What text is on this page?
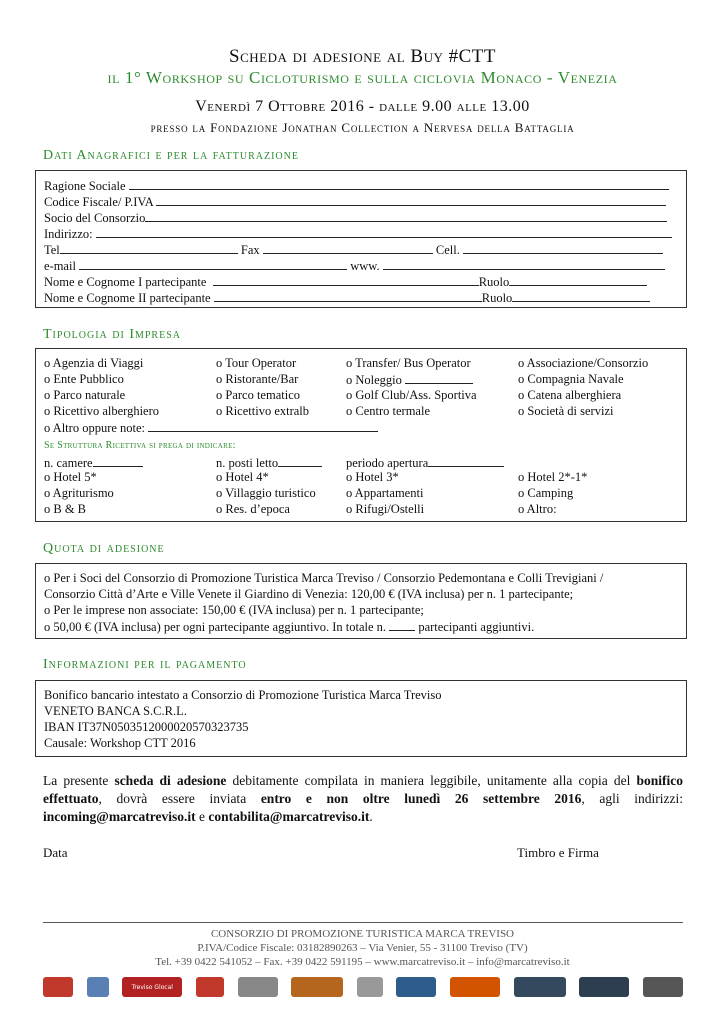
Scheda di adesione al Buy #CTT
il 1° Workshop su Cicloturismo e sulla ciclovia Monaco - Venezia
Venerdì 7 Ottobre 2016 - dalle 9.00 alle 13.00
presso la Fondazione Jonathan Collection a Nervesa della Battaglia
Dati Anagrafici e per la fatturazione
Ragione Sociale
Codice Fiscale/ P.IVA
Socio del Consorzio
Indirizzo:
Tel	Fax	Cell.
e-mail	www.
Nome e Cognome I partecipante	Ruolo
Nome e Cognome II partecipante	Ruolo
Tipologia di Impresa
o Agenzia di Viaggi	o Tour Operator	o Transfer/ Bus Operator	o Associazione/Consorzio
o Ente Pubblico	o Ristorante/Bar	o Noleggio	o Compagnia Navale
o Parco naturale	o Parco tematico	o Golf Club/Ass. Sportiva	o Catena alberghiera
o Ricettivo alberghiero	o Ricettivo extralb	o Centro termale	o Società di servizi
o Altro oppure note:
Se Struttura Ricettiva si prega di indicare:
n. camere	n. posti letto	periodo apertura
o Hotel 5*	o Hotel 4*	o Hotel 3*	o Hotel 2*-1*
o Agriturismo	o Villaggio turistico o Appartamenti	o Camping
o B & B	o Res. d’epoca	o Rifugi/Ostelli	o Altro:
Quota di adesione
o Per i Soci del Consorzio di Promozione Turistica Marca Treviso / Consorzio Pedemontana e Colli Trevigiani /
Consorzio Città d’Arte e Ville Venete il Giardino di Venezia: 120,00 € (IVA inclusa) per n. 1 partecipante;
o Per le imprese non associate: 150,00 € (IVA inclusa) per n. 1 partecipante;
o 50,00 € (IVA inclusa) per ogni partecipante aggiuntivo. In totale n.	partecipanti aggiuntivi.
Informazioni per il pagamento
Bonifico bancario intestato a Consorzio di Promozione Turistica Marca Treviso
VENETO BANCA S.C.R.L.
IBAN IT37N0503512000020570323735
Causale: Workshop CTT 2016
La presente scheda di adesione debitamente compilata in maniera leggibile, unitamente alla copia del bonifico effettuato, dovrà essere inviata entro e non oltre lunedì 26 settembre 2016, agli indirizzi: incoming@marcatreviso.it e contabilita@marcatreviso.it.
Data	Timbro e Firma
CONSORZIO DI PROMOZIONE TURISTICA MARCA TREVISO
P.IVA/Codice Fiscale: 03182890263 – Via Venier, 55 - 31100 Treviso (TV)
Tel. +39 0422 541052 – Fax. +39 0422 591195 – www.marcatreviso.it – info@marcatreviso.it
Treviso Glocal
